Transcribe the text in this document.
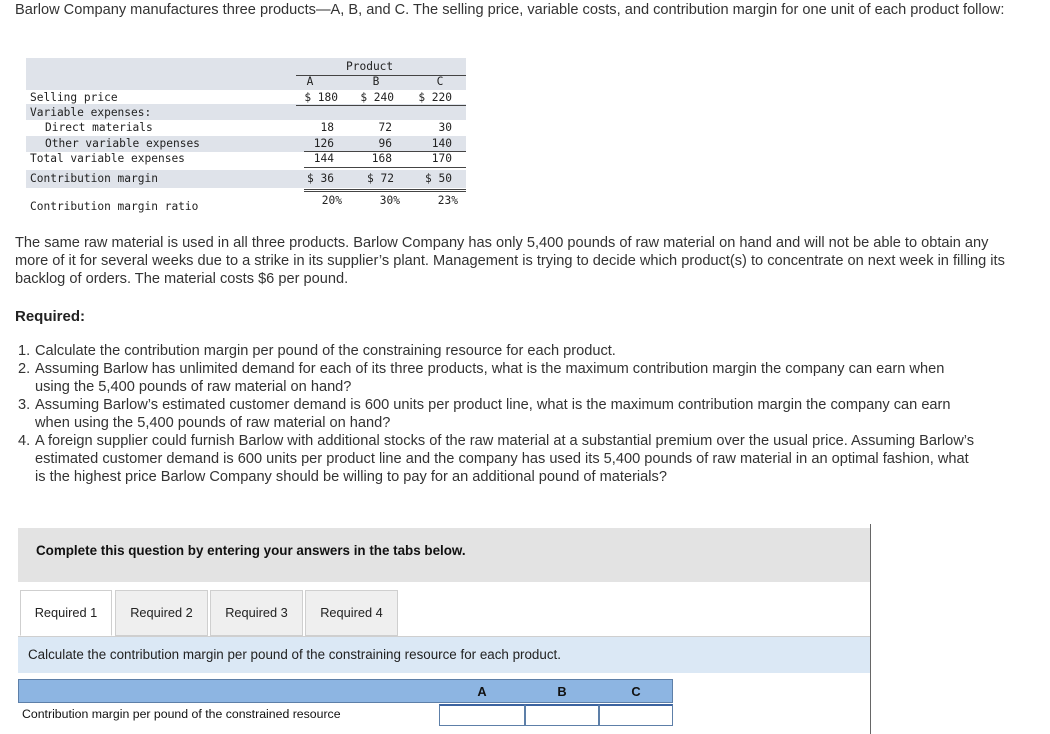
Barlow Company manufactures three products—A, B, and C. The selling price, variable costs, and contribution margin for one unit of each product follow:

Product
A	B	C
Selling price	$ 180	$ 240	$ 220
Variable expenses:
Direct materials	18	72	30
Other variable expenses	126	96	140
Total variable expenses	144	168	170
Contribution margin	$ 36	$ 72	$ 50
Contribution margin ratio	20%	30%	23%

The same raw material is used in all three products. Barlow Company has only 5,400 pounds of raw material on hand and will not be able to obtain any more of it for several weeks due to a strike in its supplier’s plant. Management is trying to decide which product(s) to concentrate on next week in filling its backlog of orders. The material costs $6 per pound.

Required:

1. Calculate the contribution margin per pound of the constraining resource for each product.
2. Assuming Barlow has unlimited demand for each of its three products, what is the maximum contribution margin the company can earn when using the 5,400 pounds of raw material on hand?
3. Assuming Barlow’s estimated customer demand is 600 units per product line, what is the maximum contribution margin the company can earn when using the 5,400 pounds of raw material on hand?
4. A foreign supplier could furnish Barlow with additional stocks of the raw material at a substantial premium over the usual price. Assuming Barlow’s estimated customer demand is 600 units per product line and the company has used its 5,400 pounds of raw material in an optimal fashion, what is the highest price Barlow Company should be willing to pay for an additional pound of materials?
Complete this question by entering your answers in the tabs below.
Required 1	Required 2	Required 3	Required 4
Calculate the contribution margin per pound of the constraining resource for each product.
A	B	C
Contribution margin per pound of the constrained resource
